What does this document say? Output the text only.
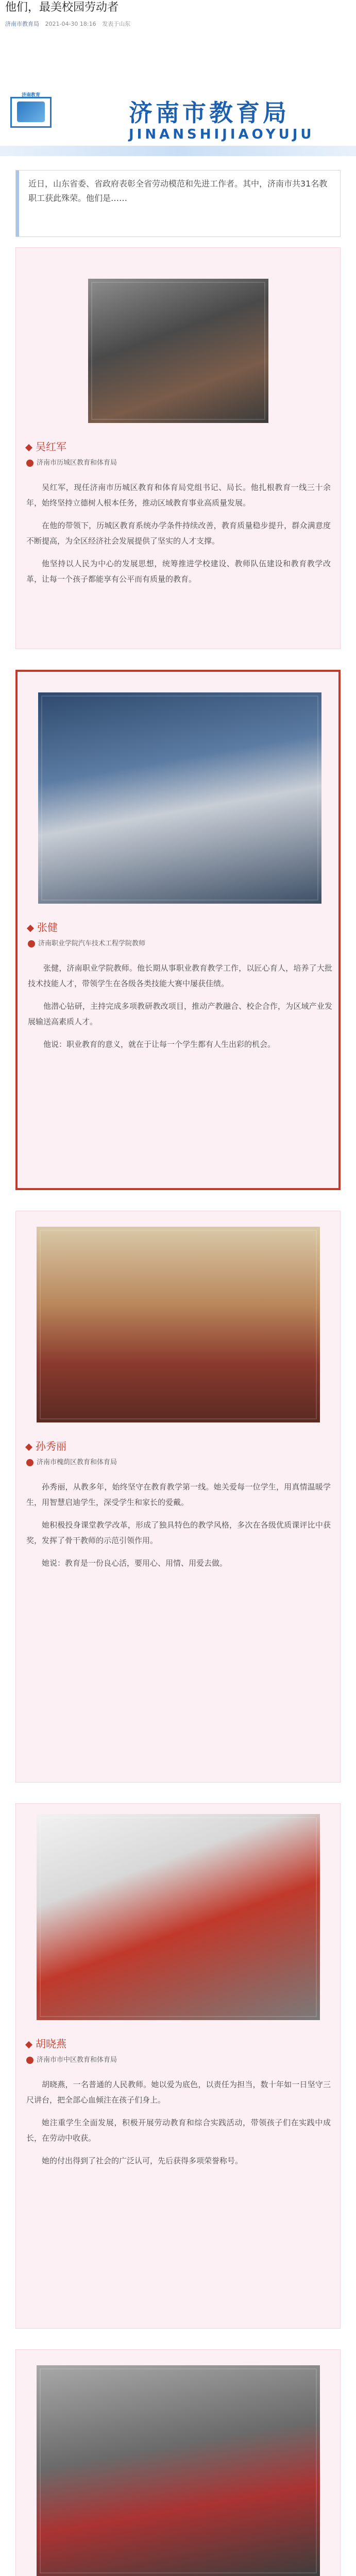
他们，最美校园劳动者
济南市教育局 2021-04-30 18:16 发表于山东
济南教育
济南市教育局
JINANSHIJIAOYUJU
近日，山东省委、省政府表彰全省劳动模范和先进工作者。其中，济南市共31名教职工获此殊荣。他们是……
吴红军
济南市历城区教育和体育局

吴红军，现任济南市历城区教育和体育局党组书记、局长。他扎根教育一线三十余年，始终坚持立德树人根本任务，推动区域教育事业高质量发展。

在他的带领下，历城区教育系统办学条件持续改善，教育质量稳步提升，群众满意度不断提高，为全区经济社会发展提供了坚实的人才支撑。

他坚持以人民为中心的发展思想，统筹推进学校建设、教师队伍建设和教育教学改革，让每一个孩子都能享有公平而有质量的教育。

张健
济南职业学院汽车技术工程学院教师

张健，济南职业学院教师。他长期从事职业教育教学工作，以匠心育人，培养了大批技术技能人才，带领学生在各级各类技能大赛中屡获佳绩。

他潜心钻研，主持完成多项教研教改项目，推动产教融合、校企合作，为区域产业发展输送高素质人才。

他说：职业教育的意义，就在于让每一个学生都有人生出彩的机会。

孙秀丽
济南市槐荫区教育和体育局

孙秀丽，从教多年，始终坚守在教育教学第一线。她关爱每一位学生，用真情温暖学生，用智慧启迪学生，深受学生和家长的爱戴。

她积极投身课堂教学改革，形成了独具特色的教学风格，多次在各级优质课评比中获奖，发挥了骨干教师的示范引领作用。

她说：教育是一份良心活，要用心、用情、用爱去做。

胡晓燕
济南市市中区教育和体育局

胡晓燕，一名普通的人民教师。她以爱为底色，以责任为担当，数十年如一日坚守三尺讲台，把全部心血倾注在孩子们身上。

她注重学生全面发展，积极开展劳动教育和综合实践活动，带领孩子们在实践中成长，在劳动中收获。

她的付出得到了社会的广泛认可，先后获得多项荣誉称号。
